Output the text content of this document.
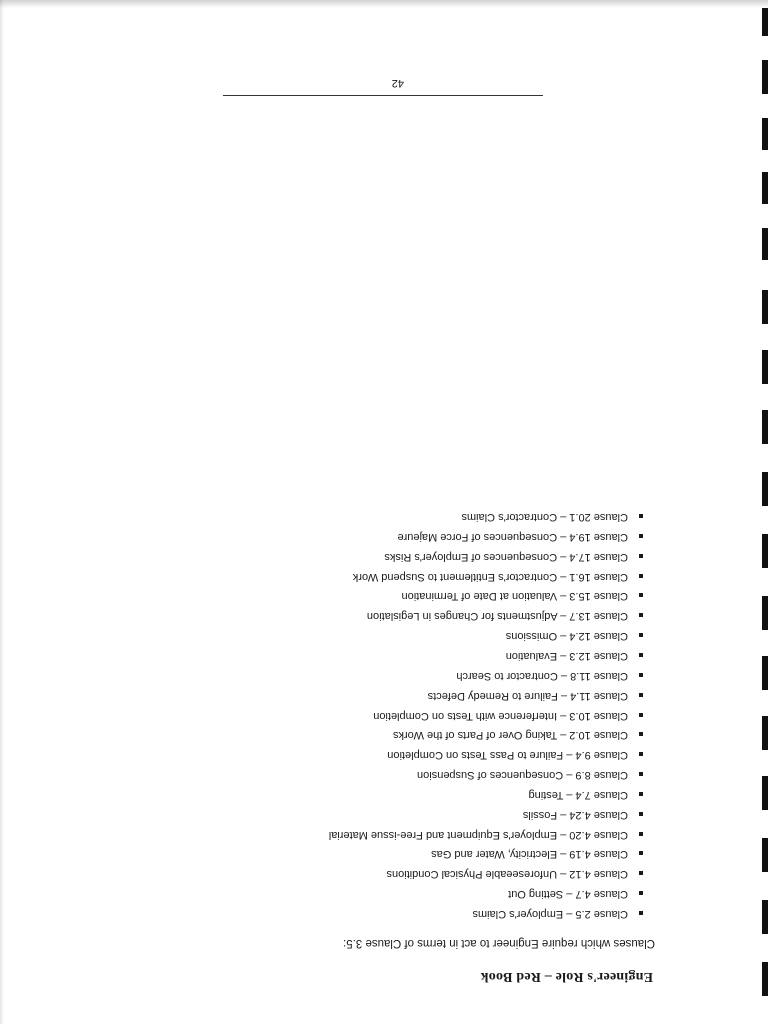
Engineer's Role – Red Book

Clauses which require Engineer to act in terms of Clause 3.5:

Clause 2.5 – Employer's Claims
Clause 4.7 – Setting Out
Clause 4.12 – Unforeseeable Physical Conditions
Clause 4.19 – Electricity, Water and Gas
Clause 4.20 – Employer's Equipment and Free-issue Material
Clause 4.24 – Fossils
Clause 7.4 – Testing
Clause 8.9 – Consequences of Suspension
Clause 9.4 – Failure to Pass Tests on Completion
Clause 10.2 – Taking Over of Parts of the Works
Clause 10.3 – Interference with Tests on Completion
Clause 11.4 – Failure to Remedy Defects
Clause 11.8 – Contractor to Search
Clause 12.3 – Evaluation
Clause 12.4 – Omissions
Clause 13.7 – Adjustments for Changes in Legislation
Clause 15.3 – Valuation at Date of Termination
Clause 16.1 – Contractor's Entitlement to Suspend Work
Clause 17.4 – Consequences of Employer's Risks
Clause 19.4 – Consequences of Force Majeure
Clause 20.1 – Contractor's Claims

42
